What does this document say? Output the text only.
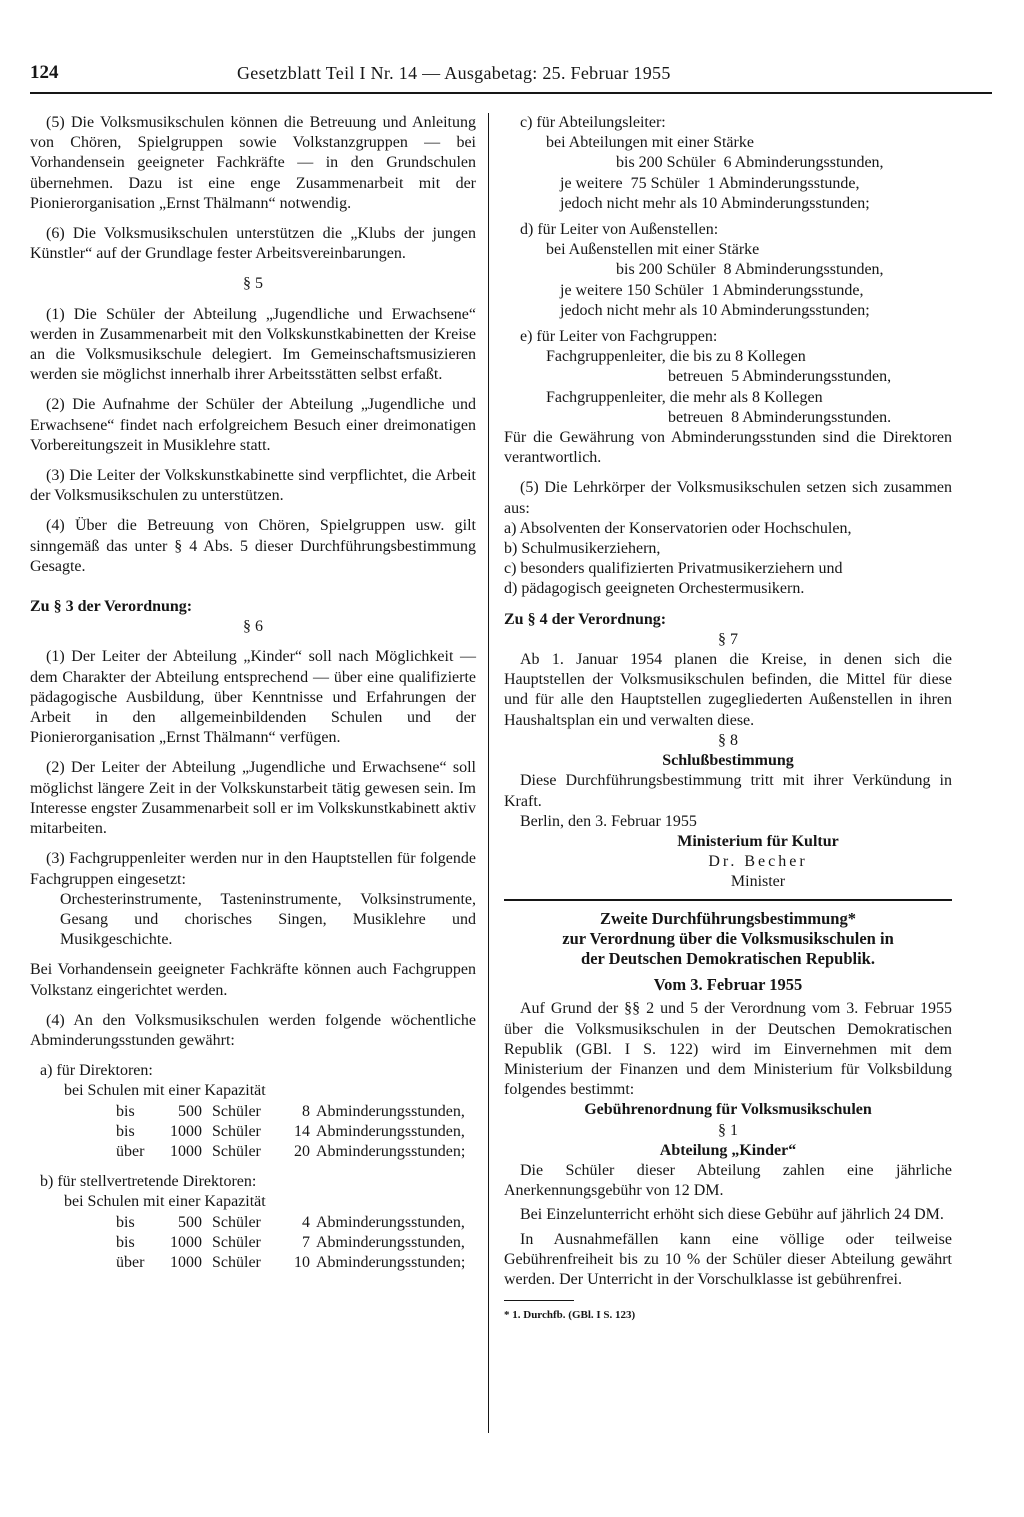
124	Gesetzblatt Teil I Nr. 14 — Ausgabetag: 25. Februar 1955

(5) Die Volksmusikschulen können die Betreuung und Anleitung von Chören, Spielgruppen sowie Volkstanzgruppen — bei Vorhandensein geeigneter Fachkräfte — in den Grundschulen übernehmen. Dazu ist eine enge Zusammenarbeit mit der Pionierorganisation „Ernst Thälmann“ notwendig.

(6) Die Volksmusikschulen unterstützen die „Klubs der jungen Künstler“ auf der Grundlage fester Arbeitsvereinbarungen.

§ 5

(1) Die Schüler der Abteilung „Jugendliche und Erwachsene“ werden in Zusammenarbeit mit den Volkskunstkabinetten der Kreise an die Volksmusikschule delegiert. Im Gemeinschaftsmusizieren werden sie möglichst innerhalb ihrer Arbeitsstätten selbst erfaßt.

(2) Die Aufnahme der Schüler der Abteilung „Jugendliche und Erwachsene“ findet nach erfolgreichem Besuch einer dreimonatigen Vorbereitungszeit in Musiklehre statt.

(3) Die Leiter der Volkskunstkabinette sind verpflichtet, die Arbeit der Volksmusikschulen zu unterstützen.

(4) Über die Betreuung von Chören, Spielgruppen usw. gilt sinngemäß das unter § 4 Abs. 5 dieser Durchführungsbestimmung Gesagte.

Zu § 3 der Verordnung:

§ 6

(1) Der Leiter der Abteilung „Kinder“ soll nach Möglichkeit — dem Charakter der Abteilung entsprechend — über eine qualifizierte pädagogische Ausbildung, über Kenntnisse und Erfahrungen der Arbeit in den allgemeinbildenden Schulen und der Pionierorganisation „Ernst Thälmann“ verfügen.

(2) Der Leiter der Abteilung „Jugendliche und Erwachsene“ soll möglichst längere Zeit in der Volkskunstarbeit tätig gewesen sein. Im Interesse engster Zusammenarbeit soll er im Volkskunstkabinett aktiv mitarbeiten.

(3) Fachgruppenleiter werden nur in den Hauptstellen für folgende Fachgruppen eingesetzt:

Orchesterinstrumente, Tasteninstrumente, Volksinstrumente, Gesang und chorisches Singen, Musiklehre und Musikgeschichte.

Bei Vorhandensein geeigneter Fachkräfte können auch Fachgruppen Volkstanz eingerichtet werden.

(4) An den Volksmusikschulen werden folgende wöchentliche Abminderungsstunden gewährt:

a) für Direktoren:

bei Schulen mit einer Kapazität

bis	500 Schüler	8 Abminderungsstunden,
bis	1000 Schüler	14 Abminderungsstunden,
über	1000 Schüler	20 Abminderungsstunden;

b) für stellvertretende Direktoren:

bei Schulen mit einer Kapazität

bis	500 Schüler	4 Abminderungsstunden,
bis	1000 Schüler	7 Abminderungsstunden,
über	1000 Schüler	10 Abminderungsstunden;

c) für Abteilungsleiter:

bei Abteilungen mit einer Stärke

bis 200 Schüler  6 Abminderungsstunden,

je weitere  75 Schüler  1 Abminderungsstunde,

jedoch nicht mehr als 10 Abminderungsstunden;

d) für Leiter von Außenstellen:

bei Außenstellen mit einer Stärke

bis 200 Schüler  8 Abminderungsstunden,

je weitere 150 Schüler  1 Abminderungsstunde,

jedoch nicht mehr als 10 Abminderungsstunden;

e) für Leiter von Fachgruppen:

Fachgruppenleiter, die bis zu 8 Kollegen

betreuen  5 Abminderungsstunden,

Fachgruppenleiter, die mehr als 8 Kollegen

betreuen  8 Abminderungsstunden.

Für die Gewährung von Abminderungsstunden sind die Direktoren verantwortlich.

(5) Die Lehrkörper der Volksmusikschulen setzen sich zusammen aus:

a) Absolventen der Konservatorien oder Hochschulen,

b) Schulmusikerziehern,

c) besonders qualifizierten Privatmusikerziehern und

d) pädagogisch geeigneten Orchestermusikern.

Zu § 4 der Verordnung:

§ 7

Ab 1. Januar 1954 planen die Kreise, in denen sich die Hauptstellen der Volksmusikschulen befinden, die Mittel für diese und für alle den Hauptstellen zugegliederten Außenstellen in ihren Haushaltsplan ein und verwalten diese.

§ 8

Schlußbestimmung

Diese Durchführungsbestimmung tritt mit ihrer Verkündung in Kraft.

Berlin, den 3. Februar 1955

Ministerium für Kultur

Dr. Becher

Minister

Zweite Durchführungsbestimmung*

zur Verordnung über die Volksmusikschulen in

der Deutschen Demokratischen Republik.

Vom 3. Februar 1955

Auf Grund der §§ 2 und 5 der Verordnung vom 3. Februar 1955 über die Volksmusikschulen in der Deutschen Demokratischen Republik (GBl. I S. 122) wird im Einvernehmen mit dem Ministerium der Finanzen und dem Ministerium für Volksbildung folgendes bestimmt:

Gebührenordnung für Volksmusikschulen

§ 1

Abteilung „Kinder“

Die Schüler dieser Abteilung zahlen eine jährliche Anerkennungsgebühr von 12 DM.

Bei Einzelunterricht erhöht sich diese Gebühr auf jährlich 24 DM.

In Ausnahmefällen kann eine völlige oder teilweise Gebührenfreiheit bis zu 10 % der Schüler dieser Abteilung gewährt werden. Der Unterricht in der Vorschulklasse ist gebührenfrei.

* 1. Durchfb. (GBl. I S. 123)
